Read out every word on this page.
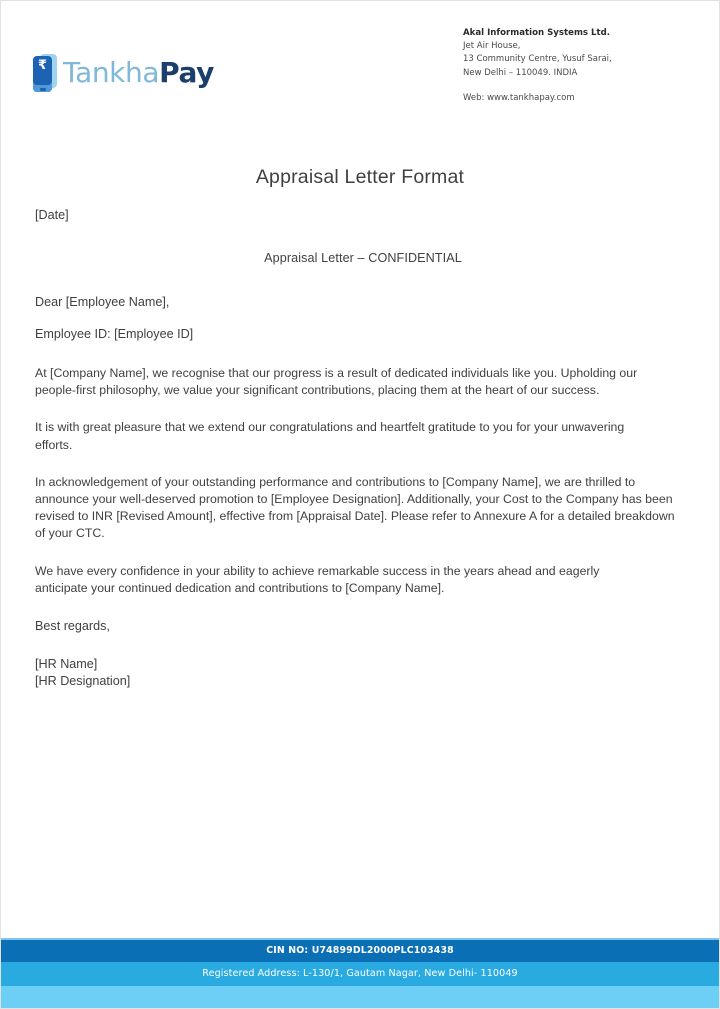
₹ TankhaPay
Akal Information Systems Ltd.
Jet Air House,
13 Community Centre, Yusuf Sarai,
New Delhi – 110049. INDIA
Web: www.tankhapay.com
Appraisal Letter Format
[Date]
Appraisal Letter – CONFIDENTIAL
Dear [Employee Name],
Employee ID: [Employee ID]
At [Company Name], we recognise that our progress is a result of dedicated individuals like you. Upholding our people-first philosophy, we value your significant contributions, placing them at the heart of our success.
It is with great pleasure that we extend our congratulations and heartfelt gratitude to you for your unwavering efforts.
In acknowledgement of your outstanding performance and contributions to [Company Name], we are thrilled to announce your well-deserved promotion to [Employee Designation]. Additionally, your Cost to the Company has been revised to INR [Revised Amount], effective from [Appraisal Date]. Please refer to Annexure A for a detailed breakdown of your CTC.
We have every confidence in your ability to achieve remarkable success in the years ahead and eagerly anticipate your continued dedication and contributions to [Company Name].
Best regards,
[HR Name]
[HR Designation]
CIN NO: U74899DL2000PLC103438
Registered Address: L-130/1, Gautam Nagar, New Delhi- 110049
